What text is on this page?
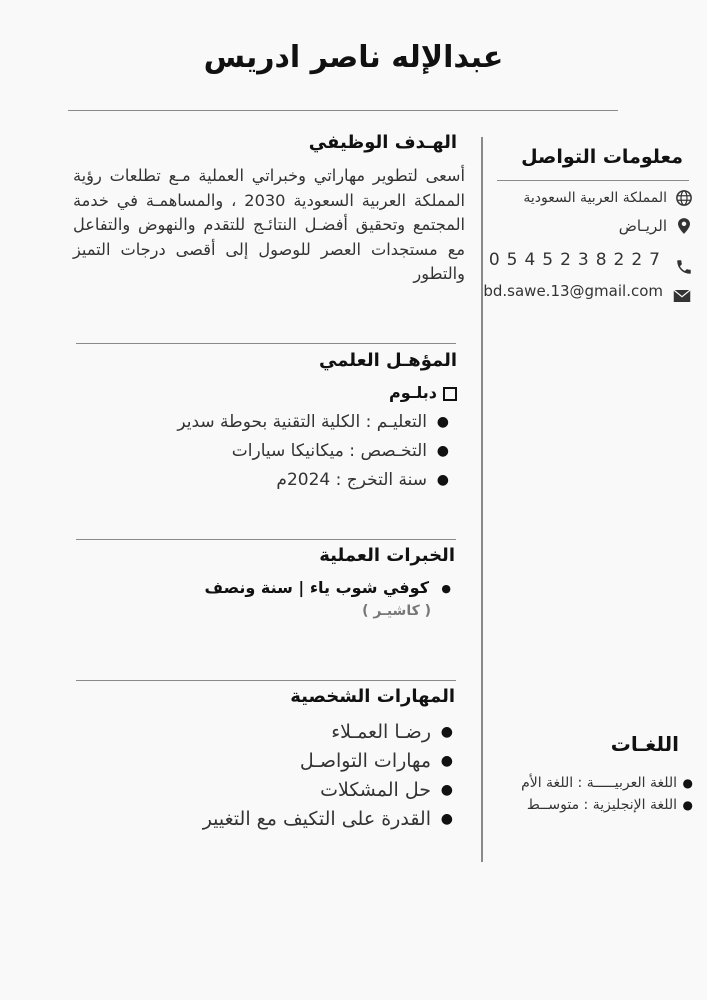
عبدالإله ناصر ادريس
معلومات التواصل
المملكة العربية السعودية
الريـاض
0545238227
bd.sawe.13@gmail.com
اللغـات
●
اللغة العربيـــــة : اللغة الأم
●
اللغة الإنجليزية : متوســط
الهـدف الوظيفي

أسعى لتطوير مهاراتي وخبراتي العملية مـع تطلعات رؤية المملكة العربية السعودية 2030 ، والمساهمـة في خدمة المجتمع وتحقيق أفضـل النتائـج للتقدم والنهوض والتفاعل مع مستجدات العصر للوصول إلى أقصى درجات التميز والتطور

المؤهـل العلمي
دبلـوم
●
التعليـم : الكلية التقنية بحوطة سدير
●
التخـصص : ميكانيكا سيارات
●
سنة التخرج : 2024م
الخبرات العملية
●
كوفي شوب ياء | سنة ونصف
( كاشيـر )
المهارات الشخصية
●
رضـا العمـلاء
●
مهارات التواصـل
●
حل المشكلات
●
القدرة على التكيف مع التغيير
